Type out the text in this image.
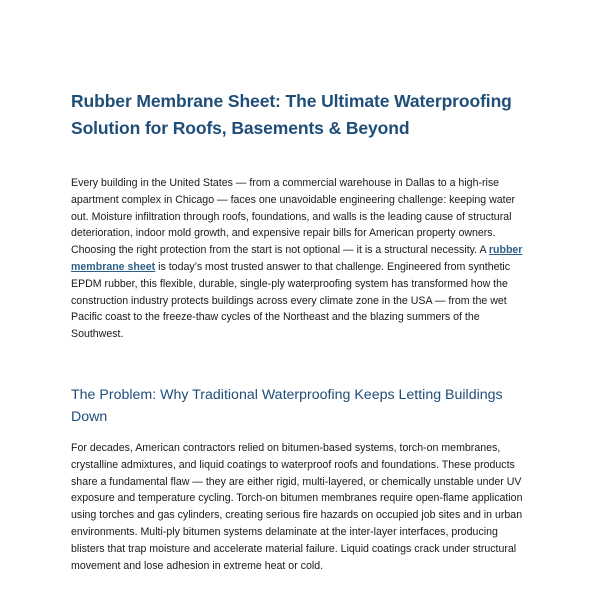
Rubber Membrane Sheet: The Ultimate Waterproofing Solution for Roofs, Basements & Beyond

Every building in the United States — from a commercial warehouse in Dallas to a high-rise apartment complex in Chicago — faces one unavoidable engineering challenge: keeping water out. Moisture infiltration through roofs, foundations, and walls is the leading cause of structural deterioration, indoor mold growth, and expensive repair bills for American property owners. Choosing the right protection from the start is not optional — it is a structural necessity. A rubber membrane sheet is today’s most trusted answer to that challenge. Engineered from synthetic EPDM rubber, this flexible, durable, single-ply waterproofing system has transformed how the construction industry protects buildings across every climate zone in the USA — from the wet Pacific coast to the freeze-thaw cycles of the Northeast and the blazing summers of the Southwest.

The Problem: Why Traditional Waterproofing Keeps Letting Buildings Down

For decades, American contractors relied on bitumen-based systems, torch-on membranes, crystalline admixtures, and liquid coatings to waterproof roofs and foundations. These products share a fundamental flaw — they are either rigid, multi-layered, or chemically unstable under UV exposure and temperature cycling. Torch-on bitumen membranes require open-flame application using torches and gas cylinders, creating serious fire hazards on occupied job sites and in urban environments. Multi-ply bitumen systems delaminate at the inter-layer interfaces, producing blisters that trap moisture and accelerate material failure. Liquid coatings crack under structural movement and lose adhesion in extreme heat or cold.
